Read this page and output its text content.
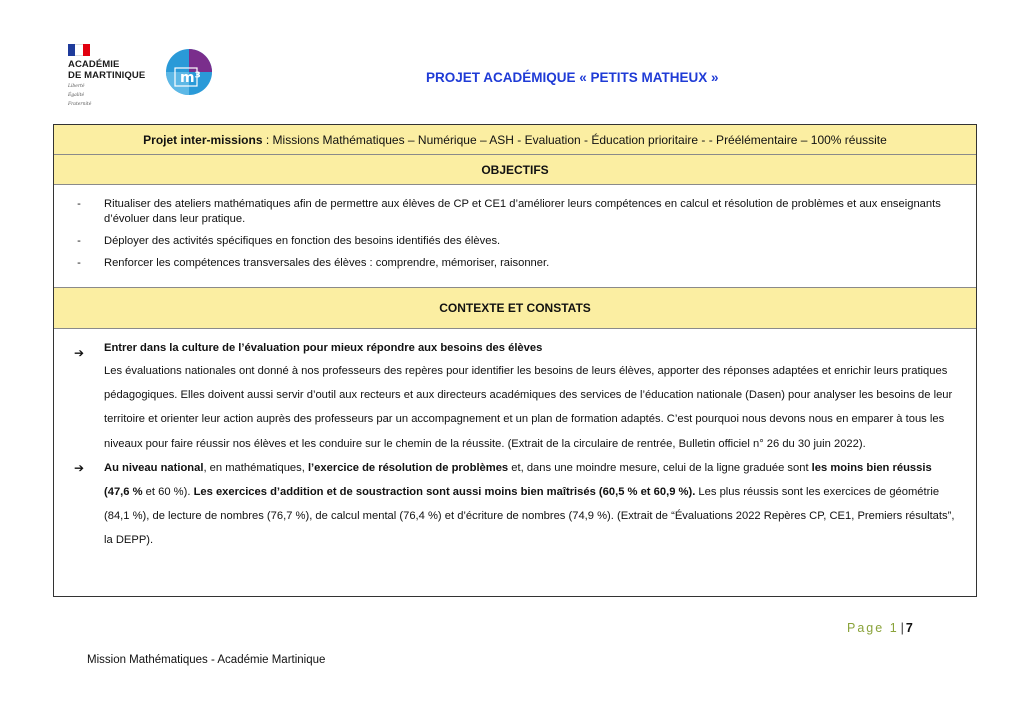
ACADÉMIE
DE MARTINIQUE
Liberté
Égalité
Fraternité
m³	PROJET ACADÉMIQUE « PETITS MATHEUX »
Projet inter-missions : Missions Mathématiques – Numérique – ASH - Evaluation - Éducation prioritaire - - Préélémentaire – 100% réussite
OBJECTIFS
-	Ritualiser des ateliers mathématiques afin de permettre aux élèves de CP et CE1 d’améliorer leurs compétences en calcul et résolution de problèmes et aux enseignants d’évoluer dans leur pratique.
-	Déployer des activités spécifiques en fonction des besoins identifiés des élèves.
-	Renforcer les compétences transversales des élèves : comprendre, mémoriser, raisonner.
CONTEXTE ET CONSTATS
➔	Entrer dans la culture de l’évaluation pour mieux répondre aux besoins des élèves
Les évaluations nationales ont donné à nos professeurs des repères pour identifier les besoins de leurs élèves, apporter des réponses adaptées et enrichir leurs pratiques pédagogiques. Elles doivent aussi servir d’outil aux recteurs et aux directeurs académiques des services de l’éducation nationale (Dasen) pour analyser les besoins de leur territoire et orienter leur action auprès des professeurs par un accompagnement et un plan de formation adaptés. C’est pourquoi nous devons nous en emparer à tous les niveaux pour faire réussir nos élèves et les conduire sur le chemin de la réussite. (Extrait de la circulaire de rentrée, Bulletin officiel n° 26 du 30 juin 2022).
➔	Au niveau national, en mathématiques, l’exercice de résolution de problèmes et, dans une moindre mesure, celui de la ligne graduée sont les moins bien réussis (47,6 % et 60 %). Les exercices d’addition et de soustraction sont aussi moins bien maîtrisés (60,5 % et 60,9 %). Les plus réussis sont les exercices de géométrie (84,1 %), de lecture de nombres (76,7 %), de calcul mental (76,4 %) et d’écriture de nombres (74,9 %). (Extrait de “Évaluations 2022 Repères CP, CE1, Premiers résultats”, la DEPP).
Page 1 | 7
Mission Mathématiques - Académie Martinique
